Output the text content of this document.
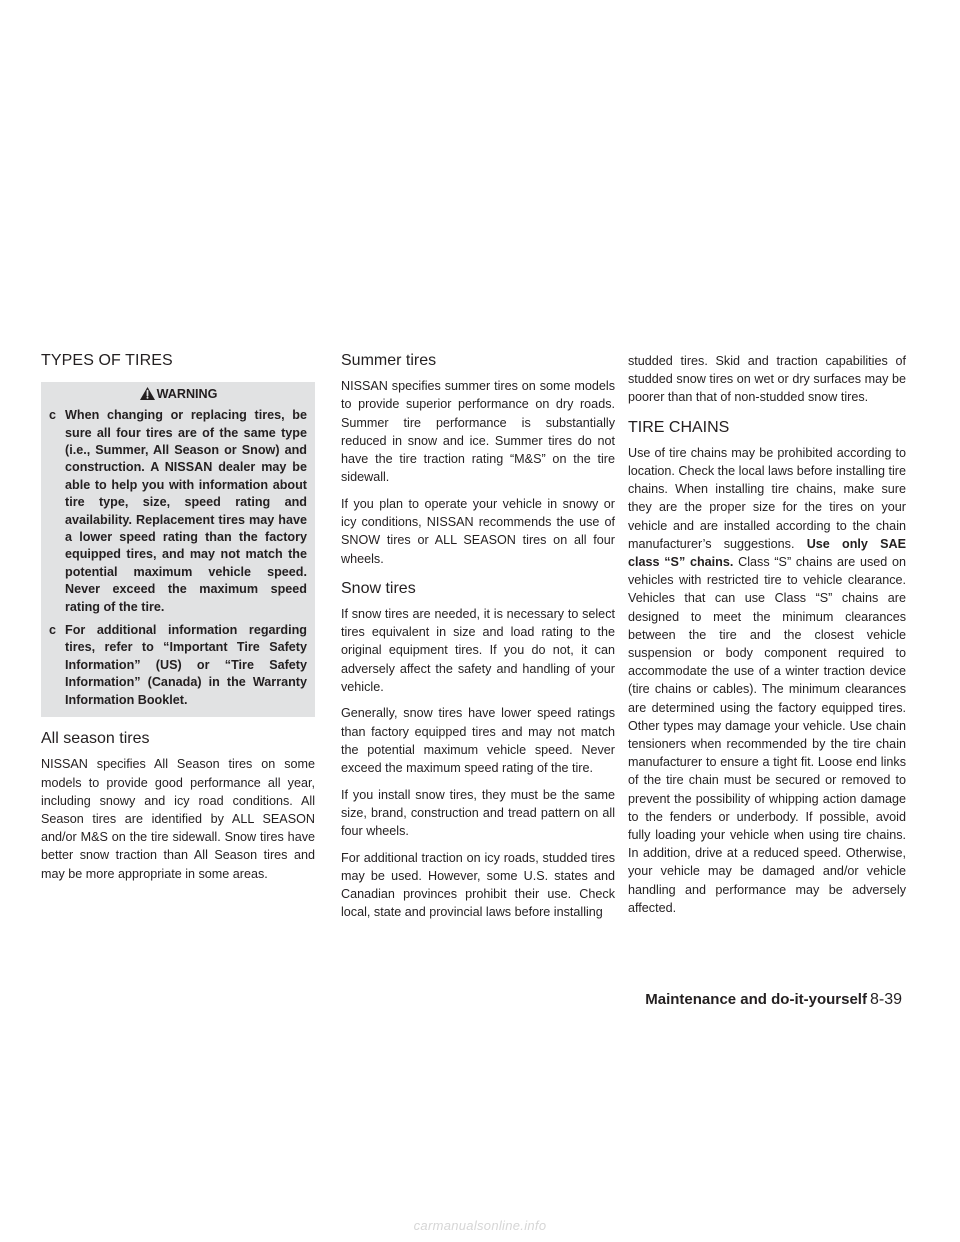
TYPES OF TIRES
WARNING
c When changing or replacing tires, be sure all four tires are of the same type (i.e., Summer, All Season or Snow) and construction. A NISSAN dealer may be able to help you with information about tire type, size, speed rating and availability. Replacement tires may have a lower speed rating than the factory equipped tires, and may not match the potential maximum vehicle speed. Never exceed the maximum speed rating of the tire.
c For additional information regarding tires, refer to “Important Tire Safety Information” (US) or “Tire Safety Information” (Canada) in the Warranty Information Booklet.
All season tires

NISSAN specifies All Season tires on some models to provide good performance all year, including snowy and icy road conditions. All Season tires are identified by ALL SEASON and/or M&S on the tire sidewall. Snow tires have better snow traction than All Season tires and may be more appropriate in some areas.

Summer tires

NISSAN specifies summer tires on some models to provide superior performance on dry roads. Summer tire performance is substantially reduced in snow and ice. Summer tires do not have the tire traction rating “M&S” on the tire sidewall.

If you plan to operate your vehicle in snowy or icy conditions, NISSAN recommends the use of SNOW tires or ALL SEASON tires on all four wheels.

Snow tires

If snow tires are needed, it is necessary to select tires equivalent in size and load rating to the original equipment tires. If you do not, it can adversely affect the safety and handling of your vehicle.

Generally, snow tires have lower speed ratings than factory equipped tires and may not match the potential maximum vehicle speed. Never exceed the maximum speed rating of the tire.

If you install snow tires, they must be the same size, brand, construction and tread pattern on all four wheels.

For additional traction on icy roads, studded tires may be used. However, some U.S. states and Canadian provinces prohibit their use. Check local, state and provincial laws before installing

studded tires. Skid and traction capabilities of studded snow tires on wet or dry surfaces may be poorer than that of non-studded snow tires.

TIRE CHAINS

Use of tire chains may be prohibited according to location. Check the local laws before installing tire chains. When installing tire chains, make sure they are the proper size for the tires on your vehicle and are installed according to the chain manufacturer’s suggestions. Use only SAE class “S” chains. Class “S” chains are used on vehicles with restricted tire to vehicle clearance. Vehicles that can use Class “S” chains are designed to meet the minimum clearances between the tire and the closest vehicle suspension or body component required to accommodate the use of a winter traction device (tire chains or cables). The minimum clearances are determined using the factory equipped tires. Other types may damage your vehicle. Use chain tensioners when recommended by the tire chain manufacturer to ensure a tight fit. Loose end links of the tire chain must be secured or removed to prevent the possibility of whipping action damage to the fenders or underbody. If possible, avoid fully loading your vehicle when using tire chains. In addition, drive at a reduced speed. Otherwise, your vehicle may be damaged and/or vehicle handling and performance may be adversely affected.

Maintenance and do-it-yourself 8-39
carmanualsonline.info
